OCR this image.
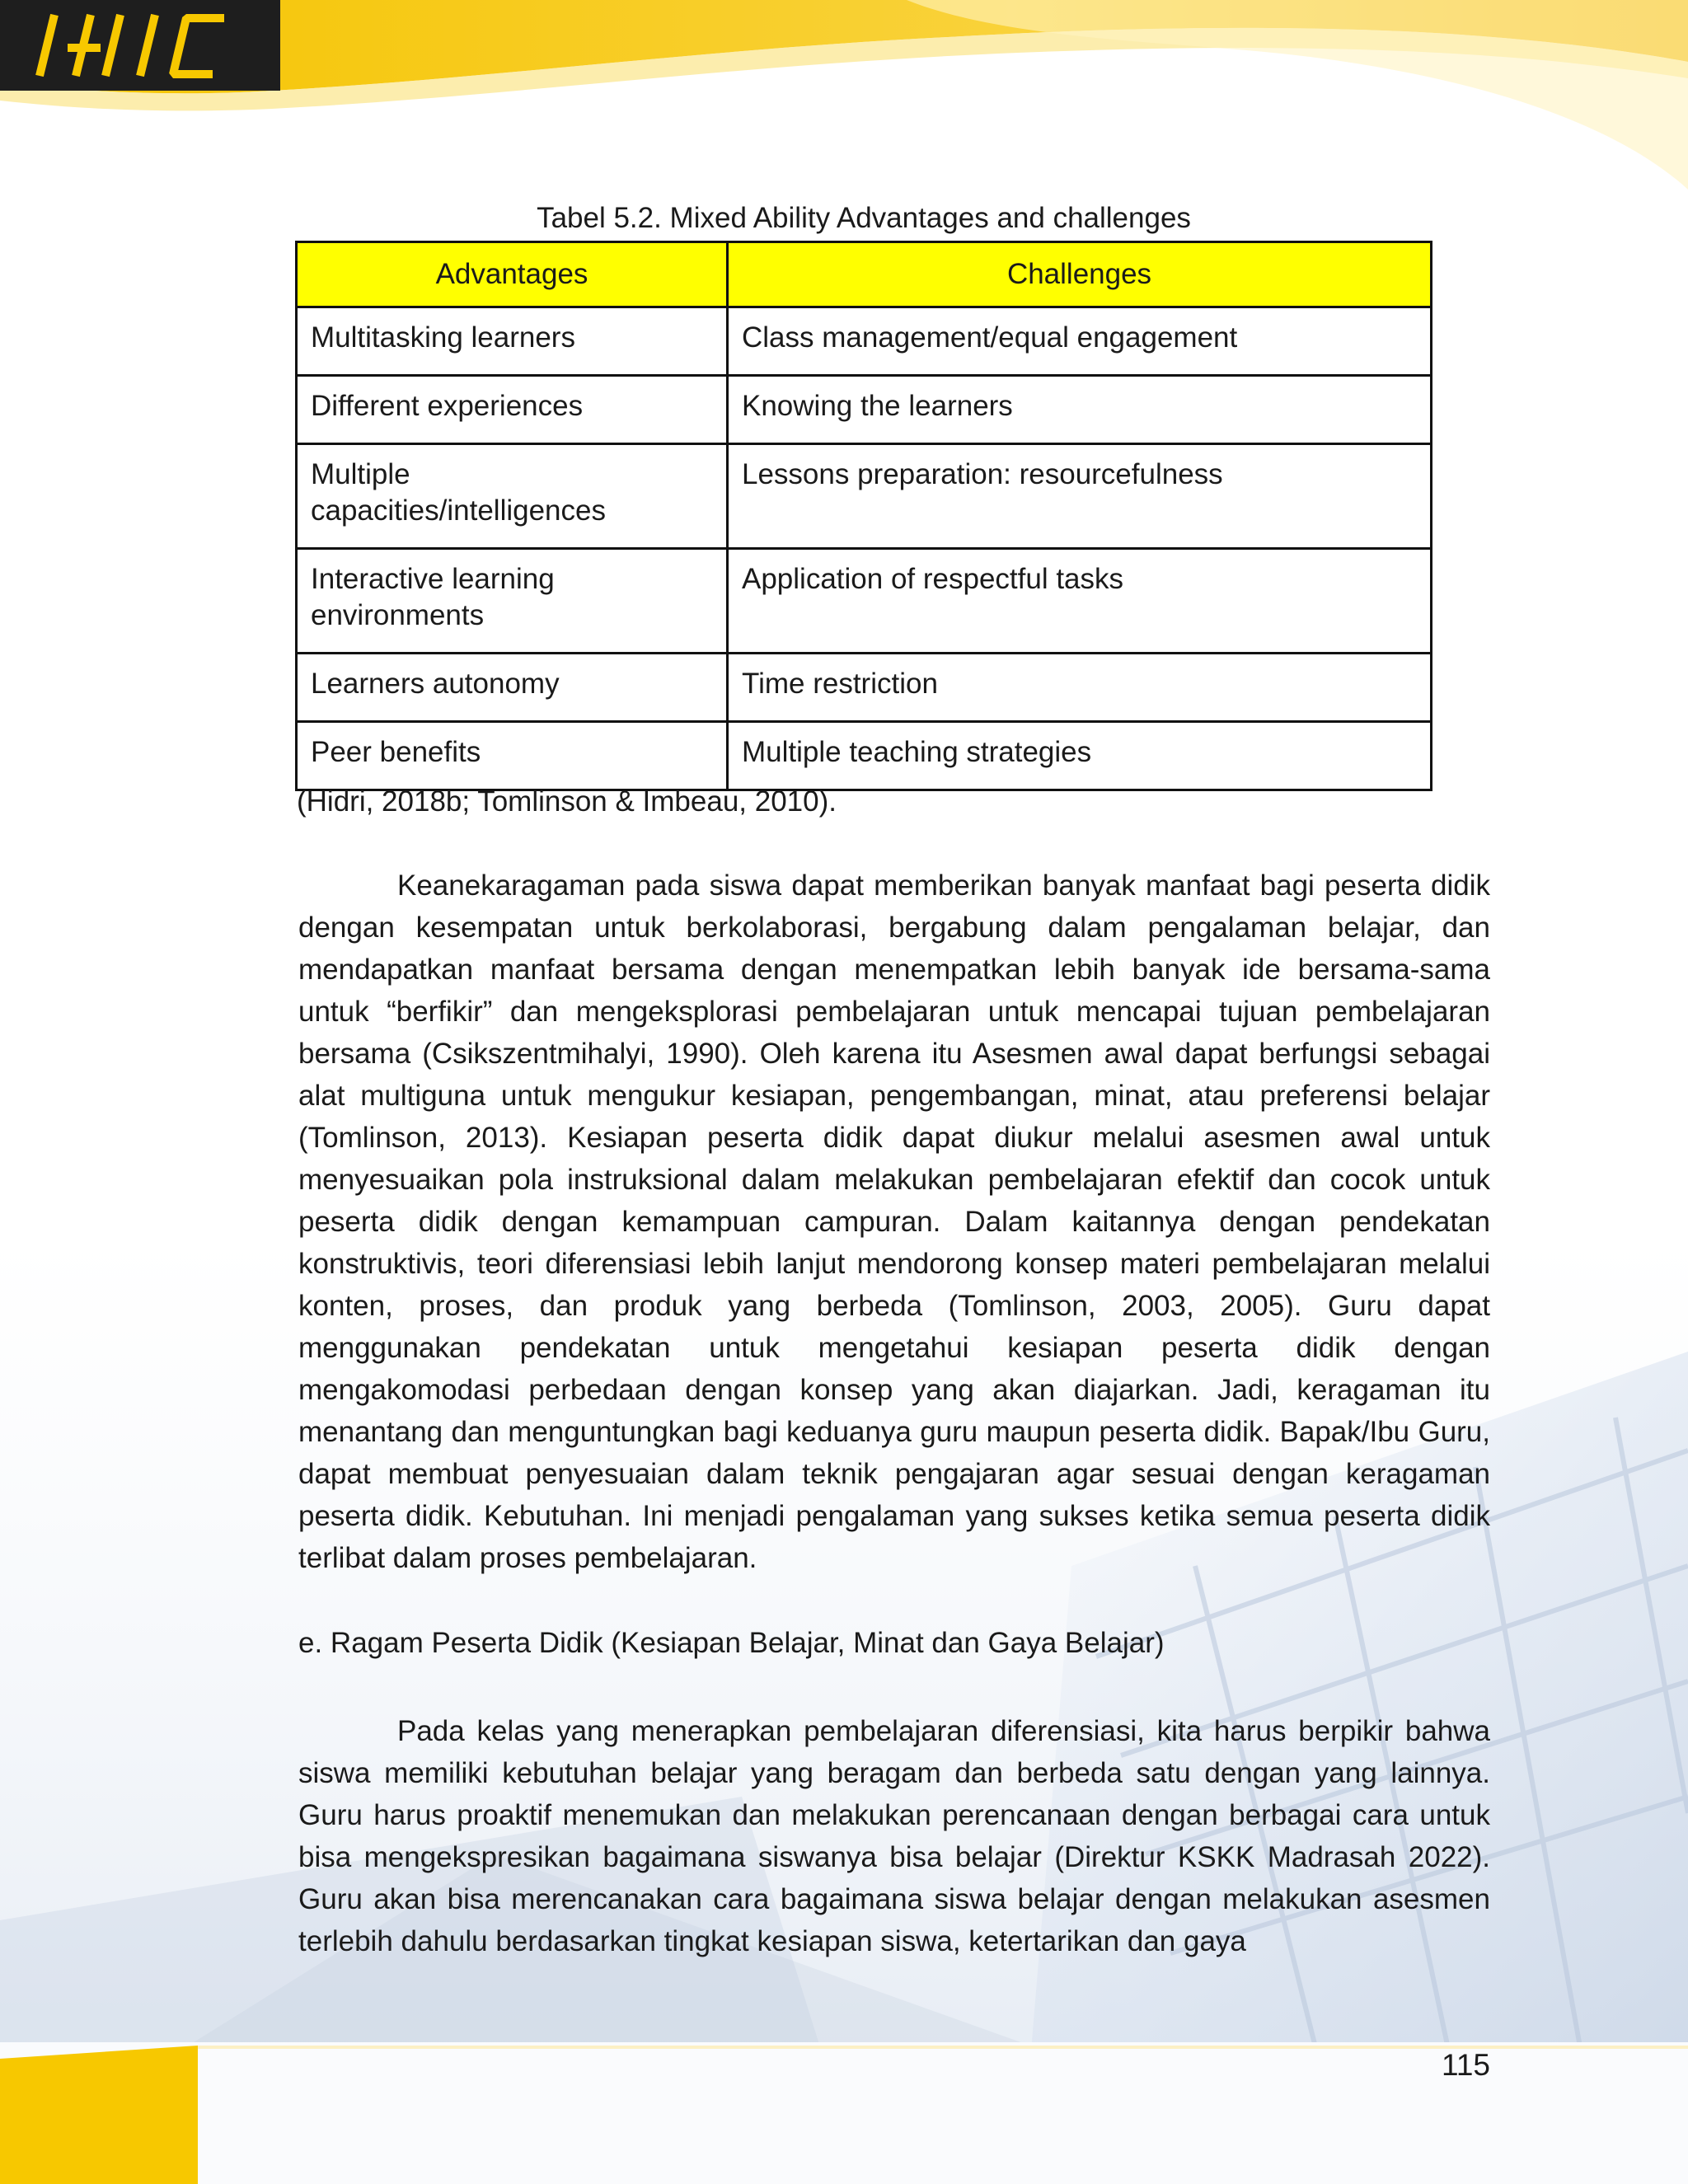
Tabel 5.2. Mixed Ability Advantages and challenges
Advantages	Challenges
Multitasking learners	Class management/equal engagement
Different experiences	Knowing the learners
Multiple capacities/intelligences	Lessons preparation: resourcefulness
Interactive learning environments	Application of respectful tasks
Learners autonomy	Time restriction
Peer benefits	Multiple teaching strategies
(Hidri, 2018b; Tomlinson & Imbeau, 2010).

Keanekaragaman pada siswa dapat memberikan banyak manfaat bagi peserta didik dengan kesempatan untuk berkolaborasi, bergabung dalam pengalaman belajar, dan mendapatkan manfaat bersama dengan menempatkan lebih banyak ide bersama-sama untuk “berfikir” dan mengeksplorasi pembelajaran untuk mencapai tujuan pembelajaran bersama (Csikszentmihalyi, 1990). Oleh karena itu Asesmen awal dapat berfungsi sebagai alat multiguna untuk mengukur kesiapan, pengembangan, minat, atau preferensi belajar (Tomlinson, 2013). Kesiapan peserta didik dapat diukur melalui asesmen awal untuk menyesuaikan pola instruksional dalam melakukan pembelajaran efektif dan cocok untuk peserta didik dengan kemampuan campuran. Dalam kaitannya dengan pendekatan konstruktivis, teori diferensiasi lebih lanjut mendorong konsep materi pembelajaran melalui konten, proses, dan produk yang berbeda (Tomlinson, 2003, 2005). Guru dapat menggunakan pendekatan untuk mengetahui kesiapan peserta didik dengan mengakomodasi perbedaan dengan konsep yang akan diajarkan. Jadi, keragaman itu menantang dan menguntungkan bagi keduanya guru maupun peserta didik. Bapak/Ibu Guru, dapat membuat penyesuaian dalam teknik pengajaran agar sesuai dengan keragaman peserta didik. Kebutuhan. Ini menjadi pengalaman yang sukses ketika semua peserta didik terlibat dalam proses pembelajaran.

e. Ragam Peserta Didik (Kesiapan Belajar, Minat dan Gaya Belajar)

Pada kelas yang menerapkan pembelajaran diferensiasi, kita harus berpikir bahwa siswa memiliki kebutuhan belajar yang beragam dan berbeda satu dengan yang lainnya. Guru harus proaktif menemukan dan melakukan perencanaan dengan berbagai cara untuk bisa mengekspresikan bagaimana siswanya bisa belajar (Direktur KSKK Madrasah 2022). Guru akan bisa merencanakan cara bagaimana siswa belajar dengan melakukan asesmen terlebih dahulu berdasarkan tingkat kesiapan siswa, ketertarikan dan gaya

115
